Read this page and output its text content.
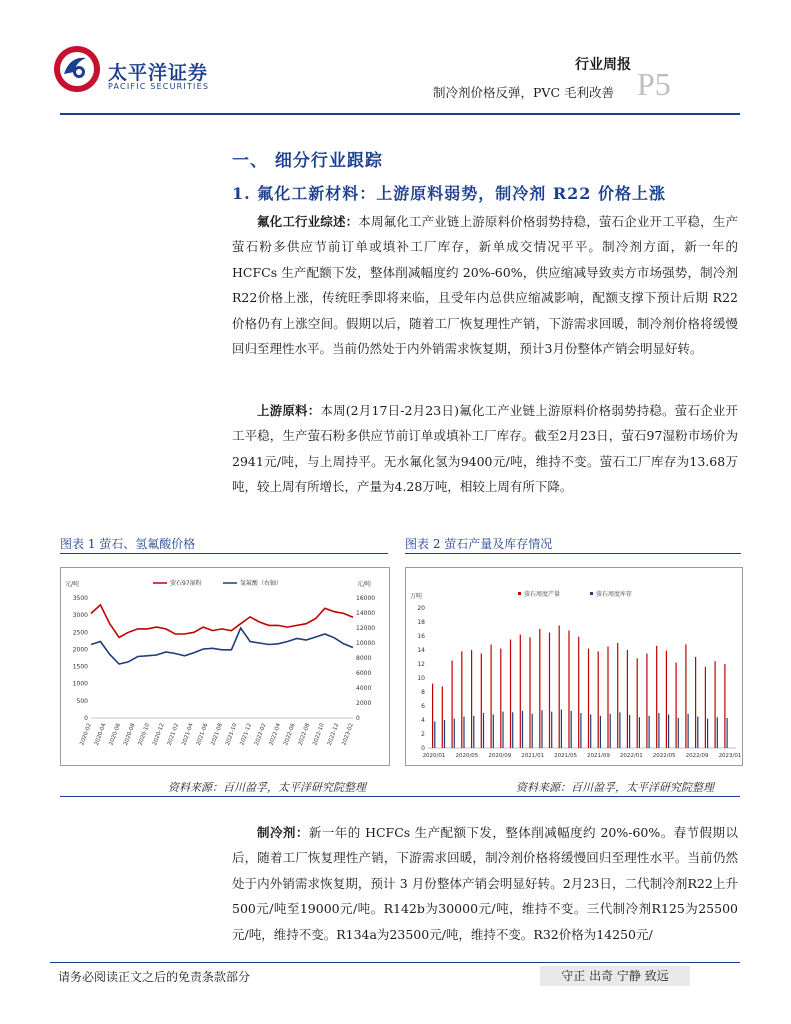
太平洋证券
PACIFIC SECURITIES
行业周报
制冷剂价格反弹，PVC 毛利改善 P5
一、 细分行业跟踪
1. 氟化工新材料：上游原料弱势，制冷剂 R22 价格上涨
氟化工行业综述：本周氟化工产业链上游原料价格弱势持稳，萤石企业开工平稳，生产萤石粉多供应节前订单或填补工厂库存，新单成交情况平平。制冷剂方面，新一年的 HCFCs 生产配额下发，整体削减幅度约 20%-60%，供应缩减导致卖方市场强势，制冷剂R22价格上涨，传统旺季即将来临，且受年内总供应缩减影响，配额支撑下预计后期 R22 价格仍有上涨空间。假期以后，随着工厂恢复理性产销，下游需求回暖，制冷剂价格将缓慢回归至理性水平。当前仍然处于内外销需求恢复期，预计3月份整体产销会明显好转。
上游原料：本周(2月17日-2月23日)氟化工产业链上游原料价格弱势持稳。萤石企业开工平稳，生产萤石粉多供应节前订单或填补工厂库存。截至2月23日，萤石97湿粉市场价为2941元/吨，与上周持平。无水氟化氢为9400元/吨，维持不变。萤石工厂库存为13.68万吨，较上周有所增长，产量为4.28万吨，相较上周有所下降。
图表 1 萤石、氢氟酸价格
元/吨	元/吨
萤石97湿粉	氢氟酸（右轴）
3500
3000
2500
2000
1500
1000
500
0
16000
14000
12000
10000
8000
6000
4000
2000
0
2020-02 2020-04 2020-06 2020-08 2020-10 2020-12 2021-02 2021-04 2021-06 2021-08 2021-10 2021-12 2022-02 2022-04 2022-06 2022-08 2022-10 2022-12 2023-02
资料来源：百川盈孚，太平洋研究院整理
图表 2 萤石产量及库存情况
万吨	萤石周度产量	萤石周度库存
20
18
16
14
12
10
8
6
4
2
0
2020/01 2020/05 2020/09 2021/01 2021/05 2021/09 2022/01 2022/05 2022/09 2023/01
资料来源：百川盈孚，太平洋研究院整理
制冷剂：新一年的 HCFCs 生产配额下发，整体削减幅度约 20%-60%。春节假期以后，随着工厂恢复理性产销，下游需求回暖，制冷剂价格将缓慢回归至理性水平。当前仍然处于内外销需求恢复期，预计 3 月份整体产销会明显好转。2月23日，二代制冷剂R22上升500元/吨至19000元/吨。R142b为30000元/吨，维持不变。三代制冷剂R125为25500元/吨，维持不变。R134a为23500元/吨，维持不变。R32价格为14250元/
请务必阅读正文之后的免责条款部分	守正 出奇 宁静 致远
